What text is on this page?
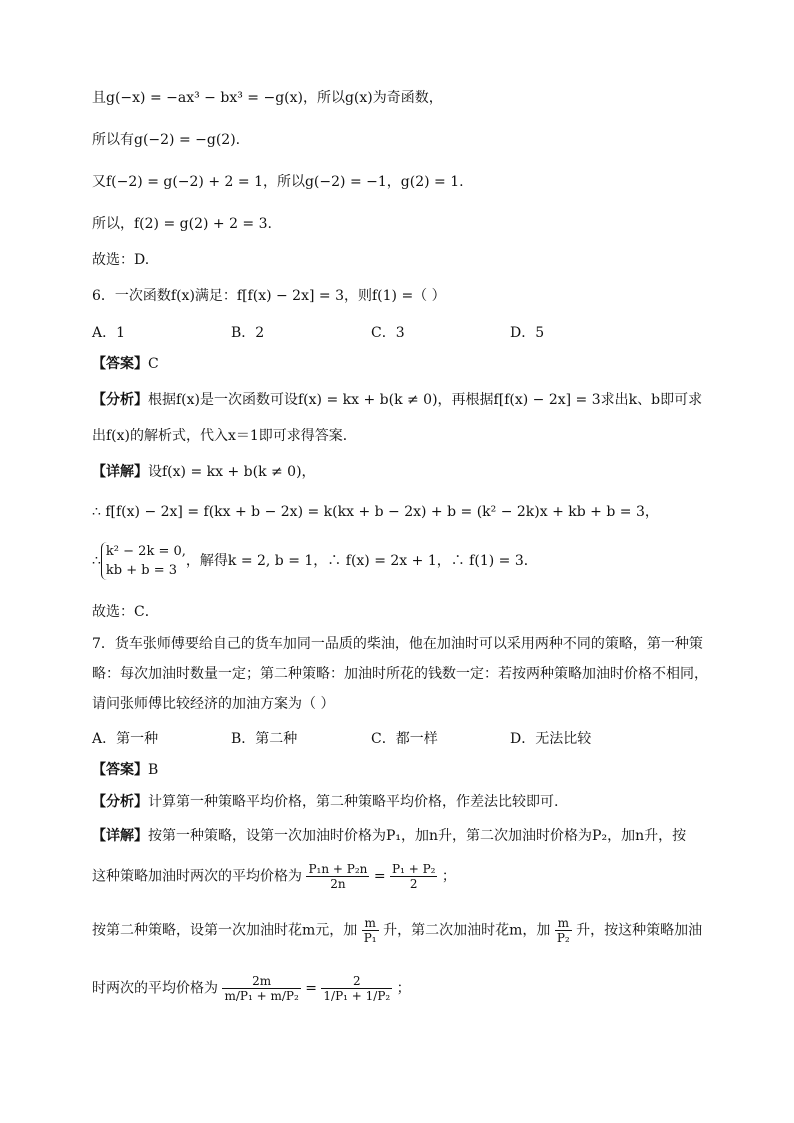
且g(−x) = −ax³ − bx³ = −g(x)，所以g(x)为奇函数，
所以有g(−2) = −g(2).
又f(−2) = g(−2) + 2 = 1，所以g(−2) = −1，g(2) = 1.
所以，f(2) = g(2) + 2 = 3.
故选：D.
6．一次函数f(x)满足：f[f(x) − 2x] = 3，则f(1) =（ ）
A．1	B．2	C．3	D．5
【答案】C
【分析】根据f(x)是一次函数可设f(x) = kx + b(k ≠ 0)，再根据f[f(x) − 2x] = 3求出k、b即可求
出f(x)的解析式，代入x＝1即可求得答案．
【详解】设f(x) = kx + b(k ≠ 0)，
∴ f[f(x) − 2x] = f(kx + b − 2x) = k(kx + b − 2x) + b = (k² − 2k)x + kb + b = 3，
∴
k² − 2k = 0,
kb + b = 3
，解得k = 2, b = 1，∴ f(x) = 2x + 1，∴ f(1) = 3．
故选：C．
7．货车张师傅要给自己的货车加同一品质的柴油，他在加油时可以采用两种不同的策略，第一种策
略：每次加油时数量一定；第二种策略：加油时所花的钱数一定：若按两种策略加油时价格不相同，
请问张师傅比较经济的加油方案为（ ）
A．第一种	B．第二种	C．都一样	D．无法比较
【答案】B
【分析】计算第一种策略平均价格，第二种策略平均价格，作差法比较即可.
【详解】按第一种策略，设第一次加油时价格为P₁，加n升，第二次加油时价格为P₂，加n升，按
这种策略加油时两次的平均价格为 $\frac{\text{P₁n + P₂n}}{2n} = \frac{\text{P₁ + P₂}}{2}$ ；
按第二种策略，设第一次加油时花m元，加 $\frac{m}{\text{P₁}}$ 升，第二次加油时花m，加 $\frac{m}{\text{P₂}}$ 升，按这种策略加油
时两次的平均价格为 $\frac{2m}{\text{m/P₁ + m/P₂}} = \frac{2}{\text{1/P₁ + 1/P₂}}$ ；
